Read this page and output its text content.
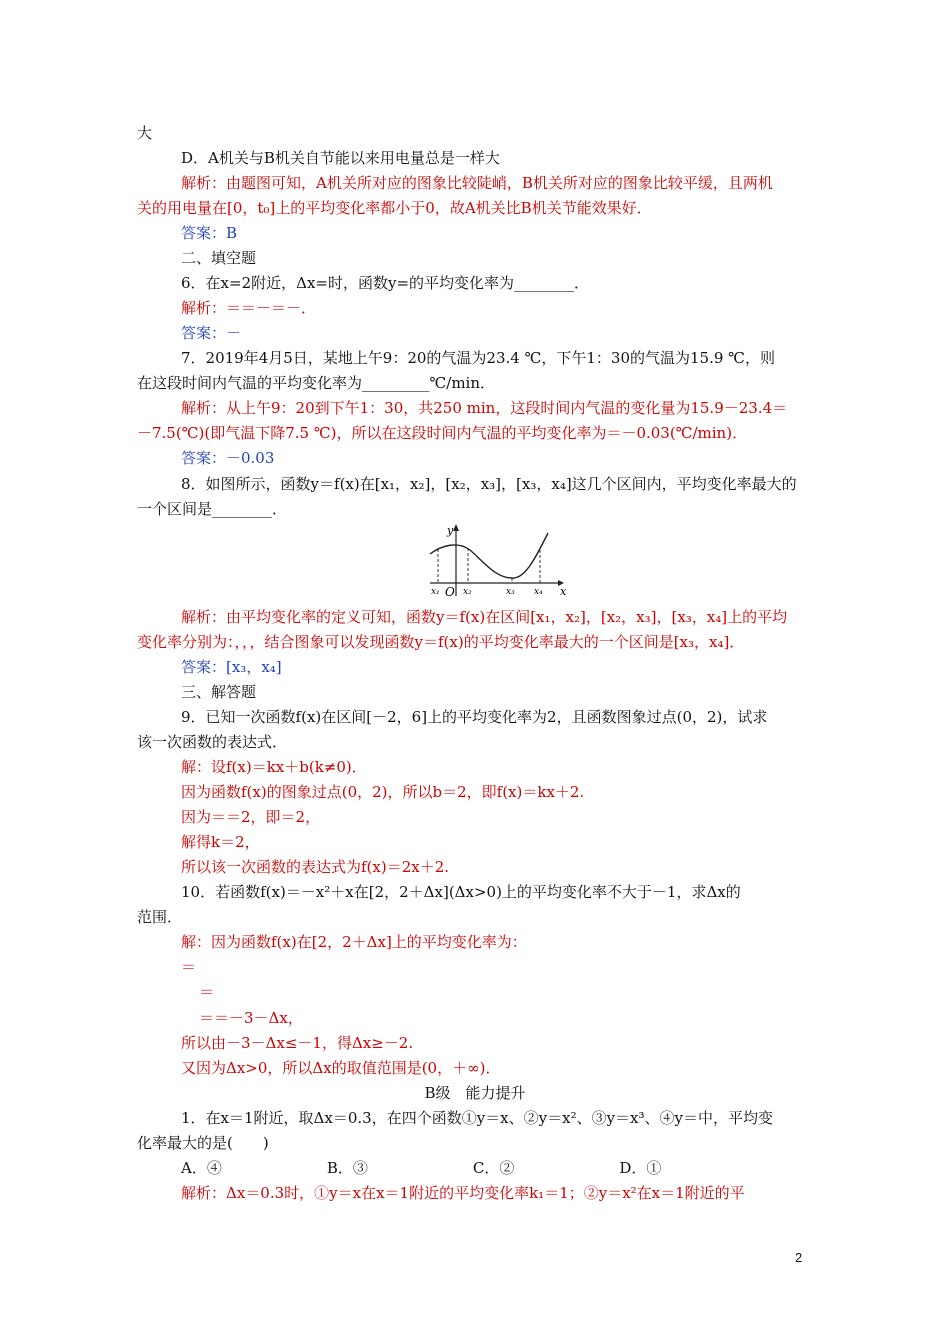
大
D．A机关与B机关自节能以来用电量总是一样大
解析：由题图可知，A机关所对应的图象比较陡峭，B机关所对应的图象比较平缓，且两机
关的用电量在[0，t₀]上的平均变化率都小于0，故A机关比B机关节能效果好．
答案：B
二、填空题
6．在x=2附近，Δx=时，函数y=的平均变化率为________．
解析：＝＝－＝－．
答案：－
7．2019年4月5日，某地上午9：20的气温为23.4 ℃，下午1：30的气温为15.9 ℃，则
在这段时间内气温的平均变化率为_________℃/min．
解析：从上午9：20到下午1：30，共250 min，这段时间内气温的变化量为15.9－23.4＝
－7.5(℃)(即气温下降7.5 ℃)，所以在这段时间内气温的平均变化率为＝－0.03(℃/min)．
答案：－0.03
8．如图所示，函数y＝f(x)在[x₁，x₂]，[x₂，x₃]，[x₃，x₄]这几个区间内，平均变化率最大的
一个区间是________．
解析：由平均变化率的定义可知，函数y＝f(x)在区间[x₁，x₂]，[x₂，x₃]，[x₃，x₄]上的平均
变化率分别为：，，，结合图象可以发现函数y＝f(x)的平均变化率最大的一个区间是[x₃，x₄]．
答案：[x₃，x₄]
三、解答题
9．已知一次函数f(x)在区间[－2，6]上的平均变化率为2，且函数图象过点(0，2)，试求
该一次函数的表达式．
解：设f(x)＝kx＋b(k≠0)．
因为函数f(x)的图象过点(0，2)，所以b＝2，即f(x)＝kx＋2.
因为＝＝2，即＝2，
解得k＝2，
所以该一次函数的表达式为f(x)＝2x＋2.
10．若函数f(x)＝－x²＋x在[2，2＋Δx](Δx>0)上的平均变化率不大于－1，求Δx的
范围．
解：因为函数f(x)在[2，2＋Δx]上的平均变化率为：
＝
＝
＝＝－3－Δx，
所以由－3－Δx≤－1，得Δx≥－2.
又因为Δx>0，所以Δx的取值范围是(0，＋∞)．
B级　能力提升
1．在x＝1附近，取Δx＝0.3，在四个函数①y＝x、②y＝x²、③y＝x³、④y＝中，平均变
化率最大的是(　　)
A．④　　　　　　　B．③　　　　　　　C．②　　　　　　　D．①
解析：Δx＝0.3时，①y＝x在x＝1附近的平均变化率k₁＝1；②y＝x²在x＝1附近的平
y
x
O
x₁	x₂	x₃ x₄
2
